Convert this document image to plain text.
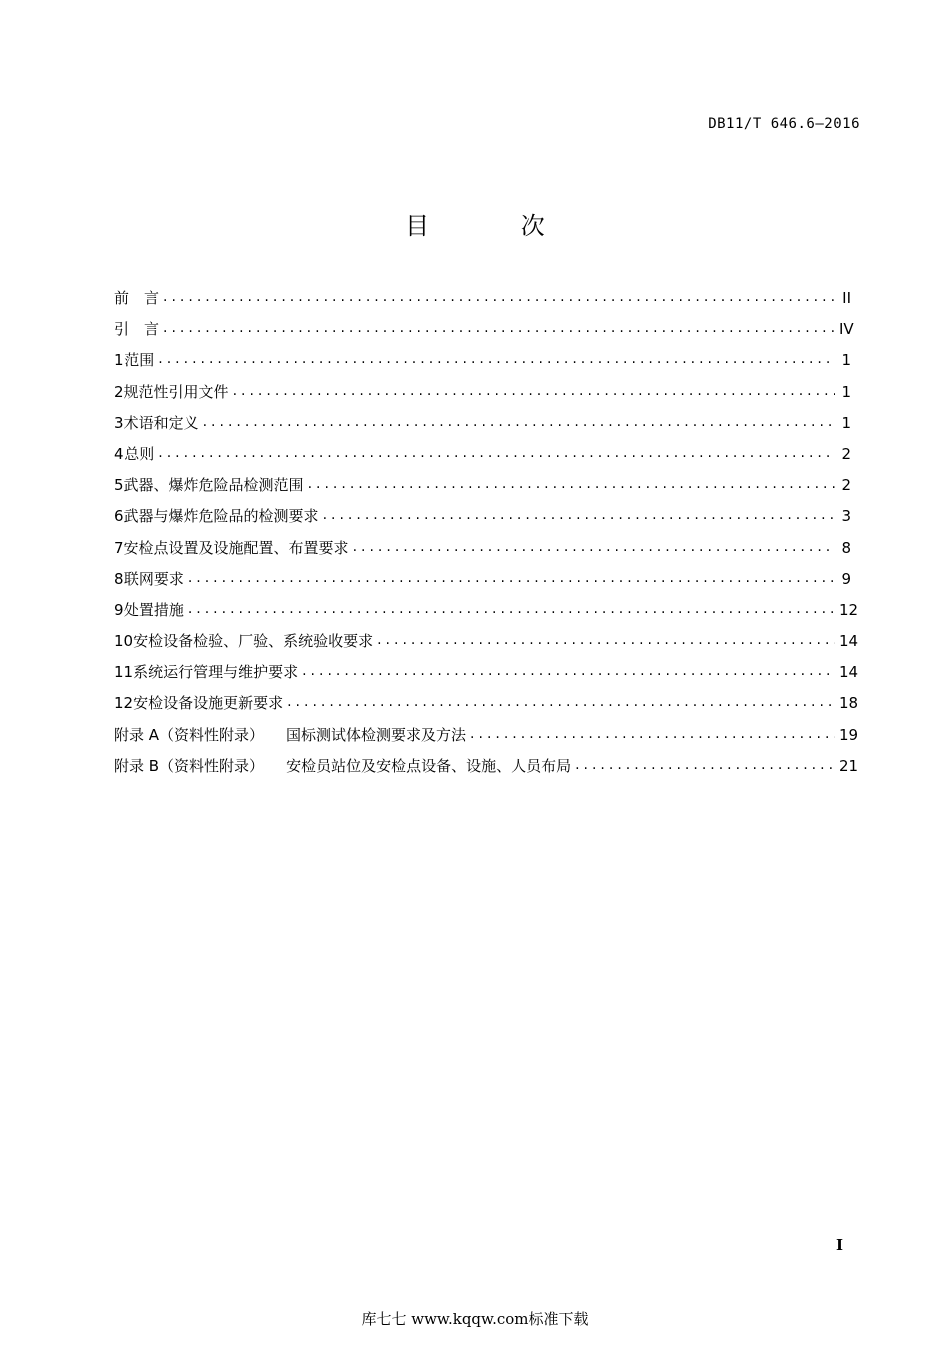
DB11/T 646.6—2016
目 次
前　言 .....	II
引　言 .....	IV
1 范围 .....	1
2 规范性引用文件 .....	1
3 术语和定义 .....	1
4 总则 .....	2
5 武器、爆炸危险品检测范围 .....	2
6 武器与爆炸危险品的检测要求 .....	3
7 安检点设置及设施配置、布置要求 .....	8
8 联网要求 .....	9
9 处置措施 .....	12
10 安检设备检验、厂验、系统验收要求 .....	14
11 系统运行管理与维护要求 .....	14
12 安检设备设施更新要求 .....	18
附录 A（资料性附录） 国标测试体检测要求及方法 .....	19
附录 B（资料性附录） 安检员站位及安检点设备、设施、人员布局 .....	21
I
库七七 www.kqqw.com标准下载
